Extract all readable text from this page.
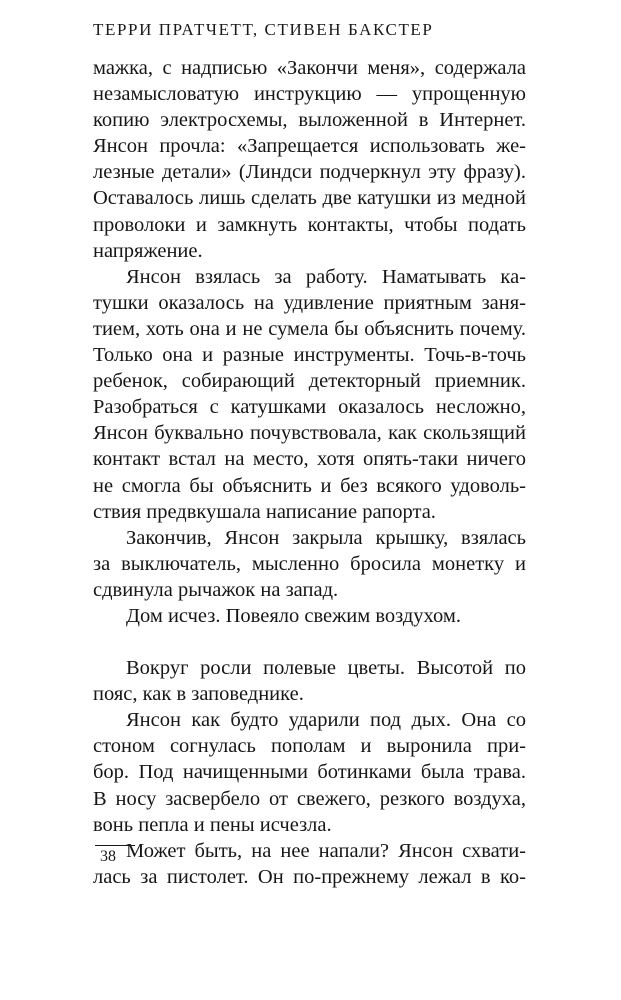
ТЕРРИ ПРАТЧЕТТ, СТИВЕН БАКСТЕР
мажка, с надписью «Закончи меня», содержала
незамысловатую инструкцию — упрощенную
копию электросхемы, выложенной в Интернет.
Янсон прочла: «Запрещается использовать же-
лезные детали» (Линдси подчеркнул эту фразу).
Оставалось лишь сделать две катушки из медной
проволоки и замкнуть контакты, чтобы подать
напряжение.
Янсон взялась за работу. Наматывать ка-
тушки оказалось на удивление приятным заня-
тием, хоть она и не сумела бы объяснить почему.
Только она и разные инструменты. Точь-в-точь
ребенок, собирающий детекторный приемник.
Разобраться с катушками оказалось несложно,
Янсон буквально почувствовала, как скользящий
контакт встал на место, хотя опять-таки ничего
не смогла бы объяснить и без всякого удоволь-
ствия предвкушала написание рапорта.
Закончив, Янсон закрыла крышку, взялась
за выключатель, мысленно бросила монетку и
сдвинула рычажок на запад.
Дом исчез. Повеяло свежим воздухом.
Вокруг росли полевые цветы. Высотой по
пояс, как в заповеднике.
Янсон как будто ударили под дых. Она со
стоном согнулась пополам и выронила при-
бор. Под начищенными ботинками была трава.
В носу засвербело от свежего, резкого воздуха,
вонь пепла и пены исчезла.
Может быть, на нее напали? Янсон схвати-
лась за пистолет. Он по-прежнему лежал в ко-
38
